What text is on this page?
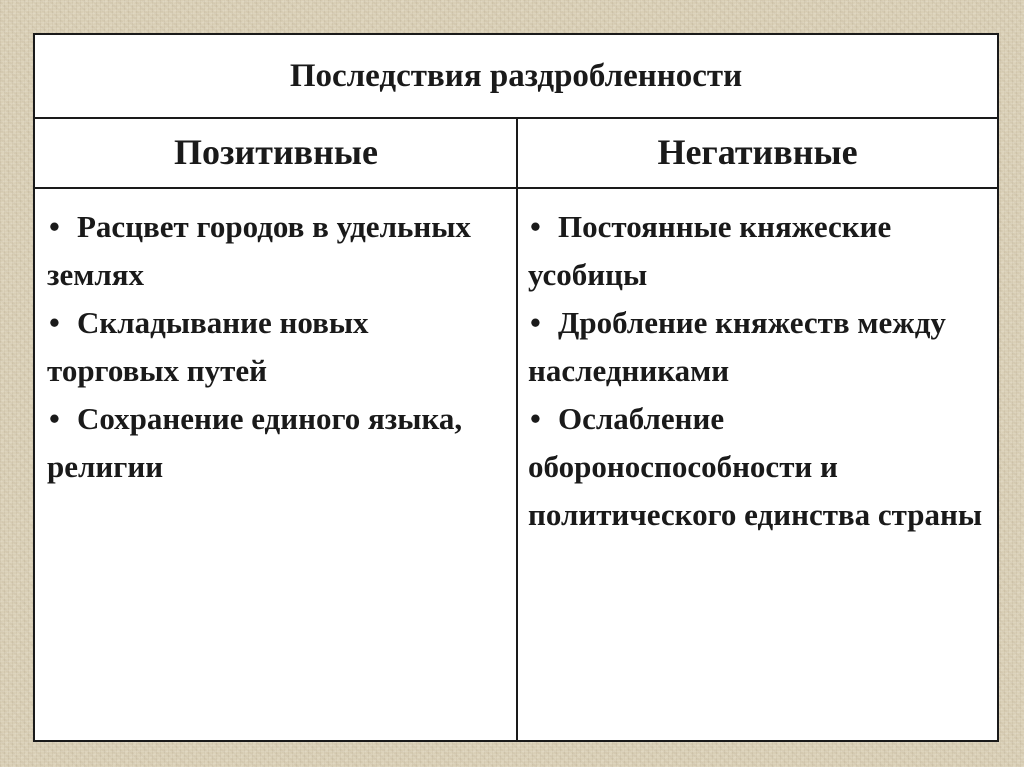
Последствия раздробленности
Позитивные	Негативные
• Расцвет городов в удельных землях
• Складывание новых торговых путей
• Сохранение единого языка, религии
• Постоянные княжеские усобицы
• Дробление княжеств между наследниками
• Ослабление обороноспособности и политического единства страны
